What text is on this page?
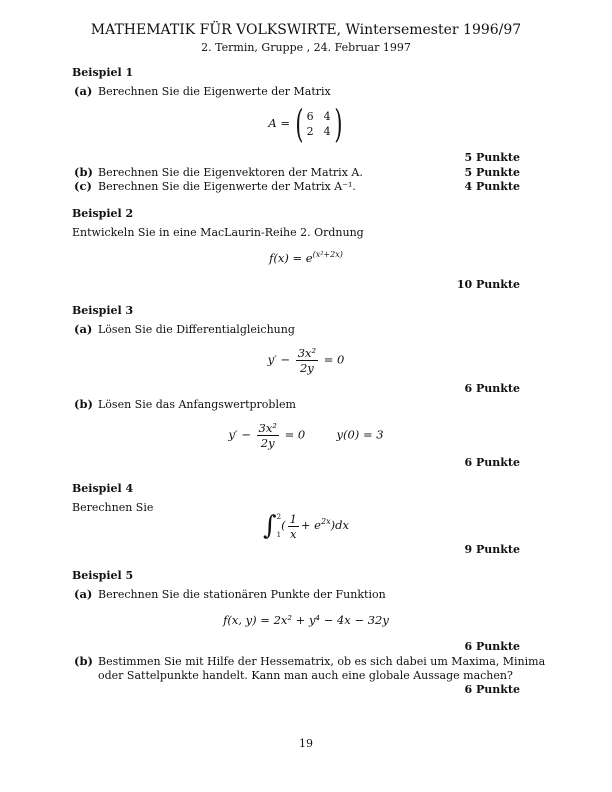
MATHEMATIK FÜR VOLKSWIRTE, Wintersemester 1996/97
2. Termin, Gruppe , 24. Februar 1997
Beispiel 1
(a) Berechnen Sie die Eigenwerte der Matrix
A = ( 6	4
2	4 )
5 Punkte
(b) Berechnen Sie die Eigenvektoren der Matrix A.	5 Punkte
(c) Berechnen Sie die Eigenwerte der Matrix A⁻¹.	4 Punkte
Beispiel 2
Entwickeln Sie in eine MacLaurin-Reihe 2. Ordnung
$f(x) = e^{(x^2+2x)}$
10 Punkte
Beispiel 3
(a) Lösen Sie die Differentialgleichung
$y' - \frac{\text{3x²}}{2y} = 0$
6 Punkte
(b) Lösen Sie das Anfangswertproblem
$y' - \frac{\text{3x²}}{2y} = 0$	y(0) = 3
6 Punkte
Beispiel 4
Berechnen Sie
∫ 2
1
( $\frac{1}{x} + e^{2x})dx$
9 Punkte
Beispiel 5
(a) Berechnen Sie die stationären Punkte der Funktion
f(x, y) = 2x² + y⁴ − 4x − 32y
6 Punkte
(b) Bestimmen Sie mit Hilfe der Hessematrix, ob es sich dabei um Maxima, Minima
oder Sattelpunkte handelt. Kann man auch eine globale Aussage machen?
6 Punkte
19
